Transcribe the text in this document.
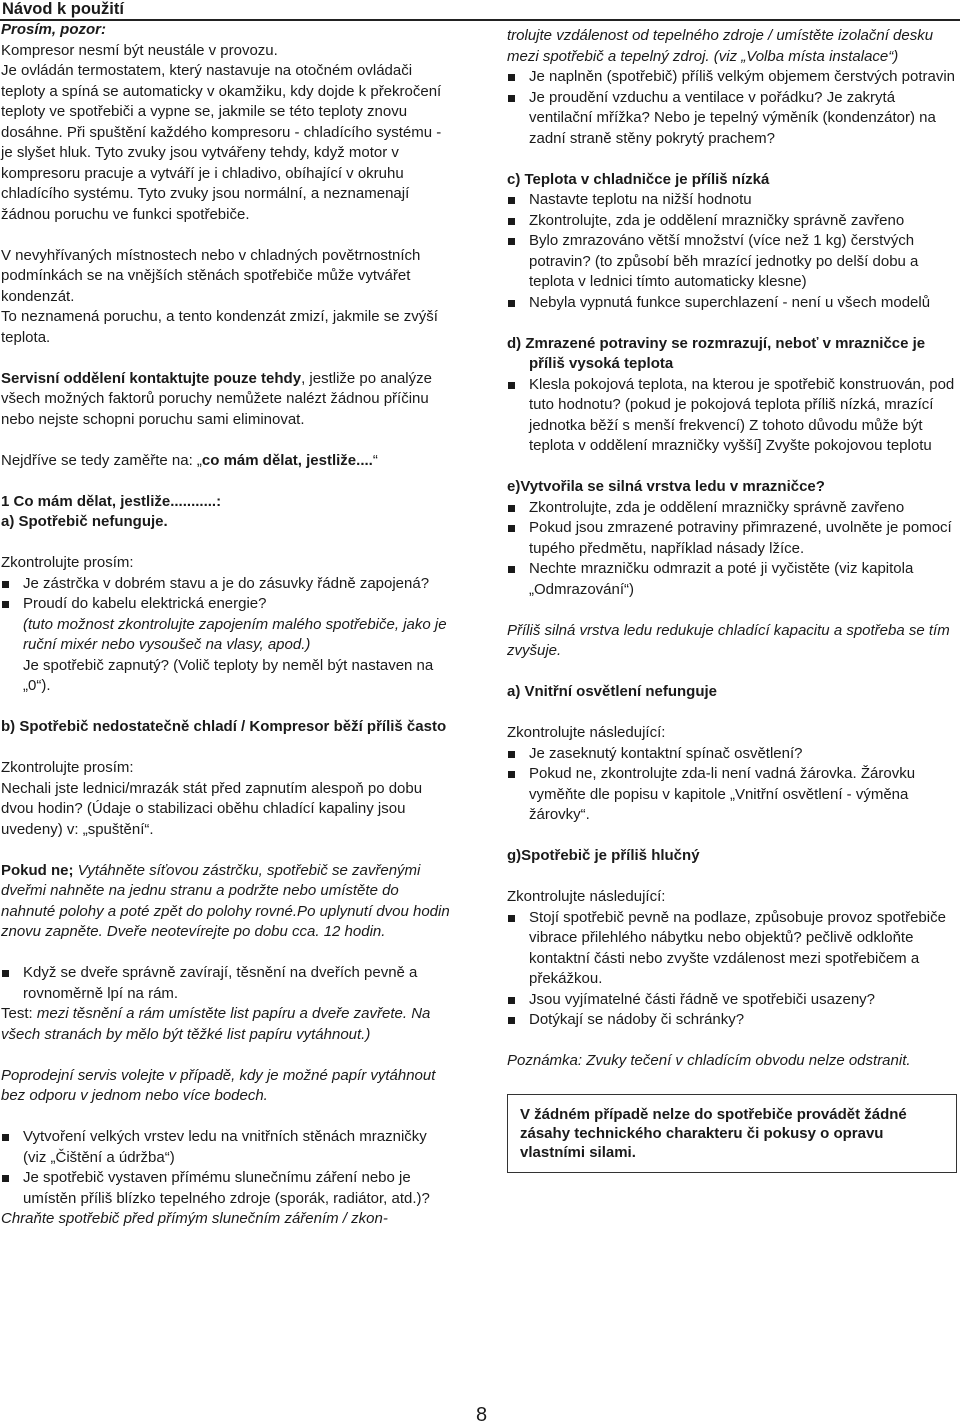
Návod k použití

Prosím, pozor:

Kompresor nesmí být neustále v provozu.

Je ovládán termostatem, který nastavuje na otočném ovládači teploty a spíná se automaticky v okamžiku, kdy dojde k překročení teploty ve spotřebiči a vypne se, jakmile se této teploty znovu dosáhne. Při spuštění každého kompresoru - chladícího systému - je slyšet hluk. Tyto zvuky jsou vytvářeny tehdy, když motor v kompresoru pracuje a vytváří je i chladivo, obíhající v okruhu chladícího systému. Tyto zvuky jsou normální, a neznamenají žádnou poruchu ve funkci spotřebiče.

V nevyhřívaných místnostech nebo v chladných povětrnostních podmínkách se na vnějších stěnách spotřebiče může vytvářet kondenzát.

To neznamená poruchu, a tento kondenzát zmizí, jakmile se zvýší teplota.

Servisní oddělení kontaktujte pouze tehdy, jestliže po analýze všech možných faktorů poruchy nemůžete nalézt žádnou příčinu nebo nejste schopni poruchu sami eliminovat.

Nejdříve se tedy zaměřte na: „co mám dělat, jestliže....“

1 Co mám dělat, jestliže...........:

a) Spotřebič nefunguje.

Zkontrolujte prosím:

Je zástrčka v dobrém stavu a je do zásuvky řádně zapojená?
Proudí do kabelu elektrická energie?

(tuto možnost zkontrolujte zapojením malého spotřebiče, jako je ruční mixér nebo vysoušeč na vlasy, apod.)

Je spotřebič zapnutý? (Volič teploty by neměl být nastaven na „0“).

b) Spotřebič nedostatečně chladí / Kompresor běží příliš často

Zkontrolujte prosím:

Nechali jste lednici/mrazák stát před zapnutím alespoň po dobu dvou hodin? (Údaje o stabilizaci oběhu chladící kapaliny jsou uvedeny) v: „spuštění“.

Pokud ne; Vytáhněte síťovou zástrčku, spotřebič se zavřenými dveřmi nahněte na jednu stranu a podržte nebo umístěte do nahnuté polohy a poté zpět do polohy rovné.Po uplynutí dvou hodin znovu zapněte. Dveře neotevírejte po dobu cca. 12 hodin.

Když se dveře správně zavírají, těsnění na dveřích pevně a rovnoměrně lpí na rám.

Test: mezi těsnění a rám umístěte list papíru a dveře zavřete. Na všech stranách by mělo být těžké list papíru vytáhnout.)

Poprodejní servis volejte v případě, kdy je možné papír vytáhnout bez odporu v jednom nebo více bodech.

Vytvoření velkých vrstev ledu na vnitřních stěnách mrazničky (viz „Čištění a údržba“)
Je spotřebič vystaven přímému slunečnímu záření nebo je umístěn příliš blízko tepelného zdroje (sporák, radiátor, atd.)?

Chraňte spotřebič před přímým slunečním zářením / zkon-

trolujte vzdálenost od tepelného zdroje / umístěte izolační desku mezi spotřebič a tepelný zdroj. (viz „Volba místa instalace“)

Je naplněn (spotřebič) příliš velkým objemem čerstvých potravin
Je proudění vzduchu a ventilace v pořádku? Je zakrytá ventilační mřížka? Nebo je tepelný výměník (kondenzátor) na zadní straně stěny pokrytý prachem?

c) Teplota v chladničce je příliš nízká

Nastavte teplotu na nižší hodnotu
Zkontrolujte, zda je oddělení mrazničky správně zavřeno
Bylo zmrazováno větší množství (více než 1 kg) čerstvých potravin? (to způsobí běh mrazící jednotky po delší dobu a teplota v lednici tímto automaticky klesne)
Nebyla vypnutá funkce superchlazení - není u všech modelů

d) Zmrazené potraviny se rozmrazují, neboť v mrazničce je příliš vysoká teplota

Klesla pokojová teplota, na kterou je spotřebič konstruován, pod tuto hodnotu? (pokud je pokojová teplota příliš nízká, mrazící jednotka běží s menší frekvencí) Z tohoto důvodu může být teplota v oddělení mrazničky vyšší] Zvyšte pokojovou teplotu

e)Vytvořila se silná vrstva ledu v mrazničce?

Zkontrolujte, zda je oddělení mrazničky správně zavřeno
Pokud jsou zmrazené potraviny přimrazené, uvolněte je pomocí tupého předmětu, například násady lžíce.
Nechte mrazničku odmrazit a poté ji vyčistěte (viz kapitola „Odmrazování“)

Příliš silná vrstva ledu redukuje chladící kapacitu a spotřeba se tím zvyšuje.

a) Vnitřní osvětlení nefunguje

Zkontrolujte následující:

Je zaseknutý kontaktní spínač osvětlení?
Pokud ne, zkontrolujte zda-li není vadná žárovka. Žárovku vyměňte dle popisu v kapitole „Vnitřní osvětlení - výměna žárovky“.

g)Spotřebič je příliš hlučný

Zkontrolujte následující:

Stojí spotřebič pevně na podlaze, způsobuje provoz spotřebiče vibrace přilehlého nábytku nebo objektů? pečlivě odkloňte kontaktní části nebo zvyšte vzdálenost mezi spotřebičem a překážkou.
Jsou vyjímatelné části řádně ve spotřebiči usazeny?
Dotýkají se nádoby či schránky?

Poznámka: Zvuky tečení v chladícím obvodu nelze odstranit.

V žádném případě nelze do spotřebiče provádět žádné zásahy technického charakteru či pokusy o opravu vlastními silami.
8
